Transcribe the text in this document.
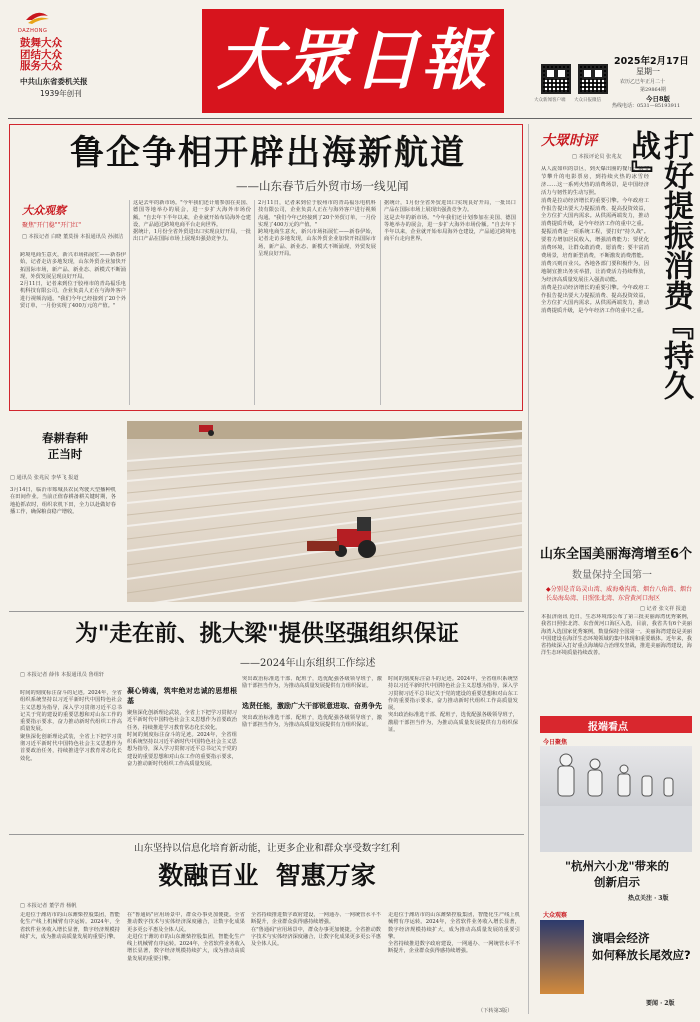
DAZHONG
鼓舞大众
团结大众
服务大众
中共山东省委机关报
1939年创刊 大眾日報
大众新闻客户端 大众日报微信
2025年2月17日
星期一
农历乙巳年正月二十
第29864期
今日8版
热线电话：0531—85193911
鲁企争相开辟出海新航道
——山东春节后外贸市场一线见闻
大众观察
聚焦"开门稳""开门红"
□ 本报记者 白晓 董莫扬 本报通讯员 孙淑洁

跨境电商生意火，新兴市场拓展忙——新春伊始，记者走访多地发现，山东外贸企业加快开拓国际市场，新产品、新业态、新模式不断涌现，外贸发展呈现良好开局。

2月11日，记者来到位于胶州市的青岛福乐电机科技有限公司，企业负责人正在与海外客户进行视频沟通。"我们今年已经接到了20个外贸订单，一月份实现了400万元的产值。"

这是去年的新市场。"今年我们还计划参加在美国、德国等地举办的展会，进一步扩大海外市场份额。"自去年下半年以来，企业就开始布局海外仓建设，产品通过跨境电商平台走向世界。

据统计，1月份全省外贸进出口实现良好开局，一批出口产品在国际市场上展现出强劲竞争力。

2月11日，记者来到位于胶州市的青岛福乐电机科技有限公司，企业负责人正在与海外客户进行视频沟通。"我们今年已经接到了20个外贸订单，一月份实现了400万元的产值。"

跨境电商生意火，新兴市场拓展忙——新春伊始，记者走访多地发现，山东外贸企业加快开拓国际市场，新产品、新业态、新模式不断涌现，外贸发展呈现良好开局。

据统计，1月份全省外贸进出口实现良好开局，一批出口产品在国际市场上展现出强劲竞争力。

这是去年的新市场。"今年我们还计划参加在美国、德国等地举办的展会，进一步扩大海外市场份额。"自去年下半年以来，企业就开始布局海外仓建设，产品通过跨境电商平台走向世界。

大眾时评
□ 本报评论员 张兆友 打好提振消费『持久战』

从人流如织的景区，到火爆出圈的餐厅；从节节攀升的电影票房，到持续火热的冰雪经济……这一系列火热的消费场景，是中国经济活力与韧性的生动写照。

消费是拉动经济增长的重要引擎。今年政府工作报告提出要大力提振消费、提高投资效益，全方位扩大国内需求。从供需两端发力，推动消费提质升级，是今年经济工作的重中之重。

提振消费是一项系统工程，要打好"持久战"。要着力增加居民收入，增强消费能力；要优化消费环境，让群众敢消费、愿消费；要丰富消费场景，培育新型消费，不断激发消费潜能。

消费兴则百业兴。各地各部门要积极作为，因地制宜推出务实举措，让消费活力持续释放，为经济高质量发展注入强劲动能。

消费是拉动经济增长的重要引擎。今年政府工作报告提出要大力提振消费、提高投资效益，全方位扩大国内需求。从供需两端发力，推动消费提质升级，是今年经济工作的重中之重。

春耕春种
正当时
□ 通讯员 张兆民 李华飞 报道
3月14日，临沂市郯城县农民驾驶大型播种机在田间作业。当前正值春耕备耕关键时期，各地抢抓农时，组织农机下田，全力以赴做好春播工作，确保粮食稳产增收。
山东全国美丽海湾增至6个
数量保持全国第一
◆分别是青岛灵山湾、威海桑沟湾、烟台八角湾、烟台长岛海岛湾、日照张北湾、东营黄河口海区
□ 记者 张文祥 报道
本报济南讯 近日，生态环境部公布了第三批美丽海湾优秀案例，我省日照张北湾、东营黄河口海区入选，目前，我省共有6个美丽海湾入选国家优秀案例，数量保持全国第一。美丽海湾建设是美丽中国建设在海洋生态环境领域的集中体现和重要载体。近年来，我省持续深入打好重点海域综合治理攻坚战，推进美丽海湾建设，海洋生态环境质量持续改善。
报端看点
今日聚焦
"杭州六小龙"带来的
创新启示
热点关注 · 3版
大众观察
演唱会经济
如何释放长尾效应?
要闻 · 2版
为"走在前、挑大梁"提供坚强组织保证
——2024年山东组织工作综述
□ 本报记者 薛伟 本报通讯员 鲁组轩

时间的刻度标注奋斗的足迹。2024年，全省组织系统坚持以习近平新时代中国特色社会主义思想为指导，深入学习贯彻习近平总书记关于党的建设的重要思想和对山东工作的重要指示要求，奋力推动新时代组织工作高质量发展。

聚焦深化创新理论武装，全省上下把学习贯彻习近平新时代中国特色社会主义思想作为首要政治任务，持续推进学习教育常态化长效化。

凝心铸魂，筑牢绝对忠诚的思想根基

聚焦深化创新理论武装，全省上下把学习贯彻习近平新时代中国特色社会主义思想作为首要政治任务，持续推进学习教育常态化长效化。

时间的刻度标注奋斗的足迹。2024年，全省组织系统坚持以习近平新时代中国特色社会主义思想为指导，深入学习贯彻习近平总书记关于党的建设的重要思想和对山东工作的重要指示要求，奋力推动新时代组织工作高质量发展。

突出政治标准选干部、配班子，选优配强各级领导班子，激励干部担当作为，为推动高质量发展提供有力组织保证。

选贤任能，激励广大干部锐意进取、奋勇争先

突出政治标准选干部、配班子，选优配强各级领导班子，激励干部担当作为，为推动高质量发展提供有力组织保证。

时间的刻度标注奋斗的足迹。2024年，全省组织系统坚持以习近平新时代中国特色社会主义思想为指导，深入学习贯彻习近平总书记关于党的建设的重要思想和对山东工作的重要指示要求，奋力推动新时代组织工作高质量发展。

突出政治标准选干部、配班子，选优配强各级领导班子，激励干部担当作为，为推动高质量发展提供有力组织保证。

山东坚持以信息化培育新动能，让更多企业和群众享受数字红利
数融百业  智惠万家
□ 本报记者 董学青 杨帆

走进位于潍坊市的山东潍柴控股集团，智能化生产线上机械臂有序运转。2024年，全省软件业务收入增长显著，数字经济规模持续扩大，成为推动高质量发展的重要引擎。

在"鲁通码"应用场景中，群众办事更加便捷。全省推动数字技术与实体经济深度融合，让数字化成果更多更公平惠及全体人民。

走进位于潍坊市的山东潍柴控股集团，智能化生产线上机械臂有序运转。2024年，全省软件业务收入增长显著，数字经济规模持续扩大，成为推动高质量发展的重要引擎。

全省持续推进数字政府建设，一网通办、一网统管水平不断提升，企业群众获得感持续增强。

在"鲁通码"应用场景中，群众办事更加便捷。全省推动数字技术与实体经济深度融合，让数字化成果更多更公平惠及全体人民。

走进位于潍坊市的山东潍柴控股集团，智能化生产线上机械臂有序运转。2024年，全省软件业务收入增长显著，数字经济规模持续扩大，成为推动高质量发展的重要引擎。

全省持续推进数字政府建设，一网通办、一网统管水平不断提升，企业群众获得感持续增强。

（下转第3版）
